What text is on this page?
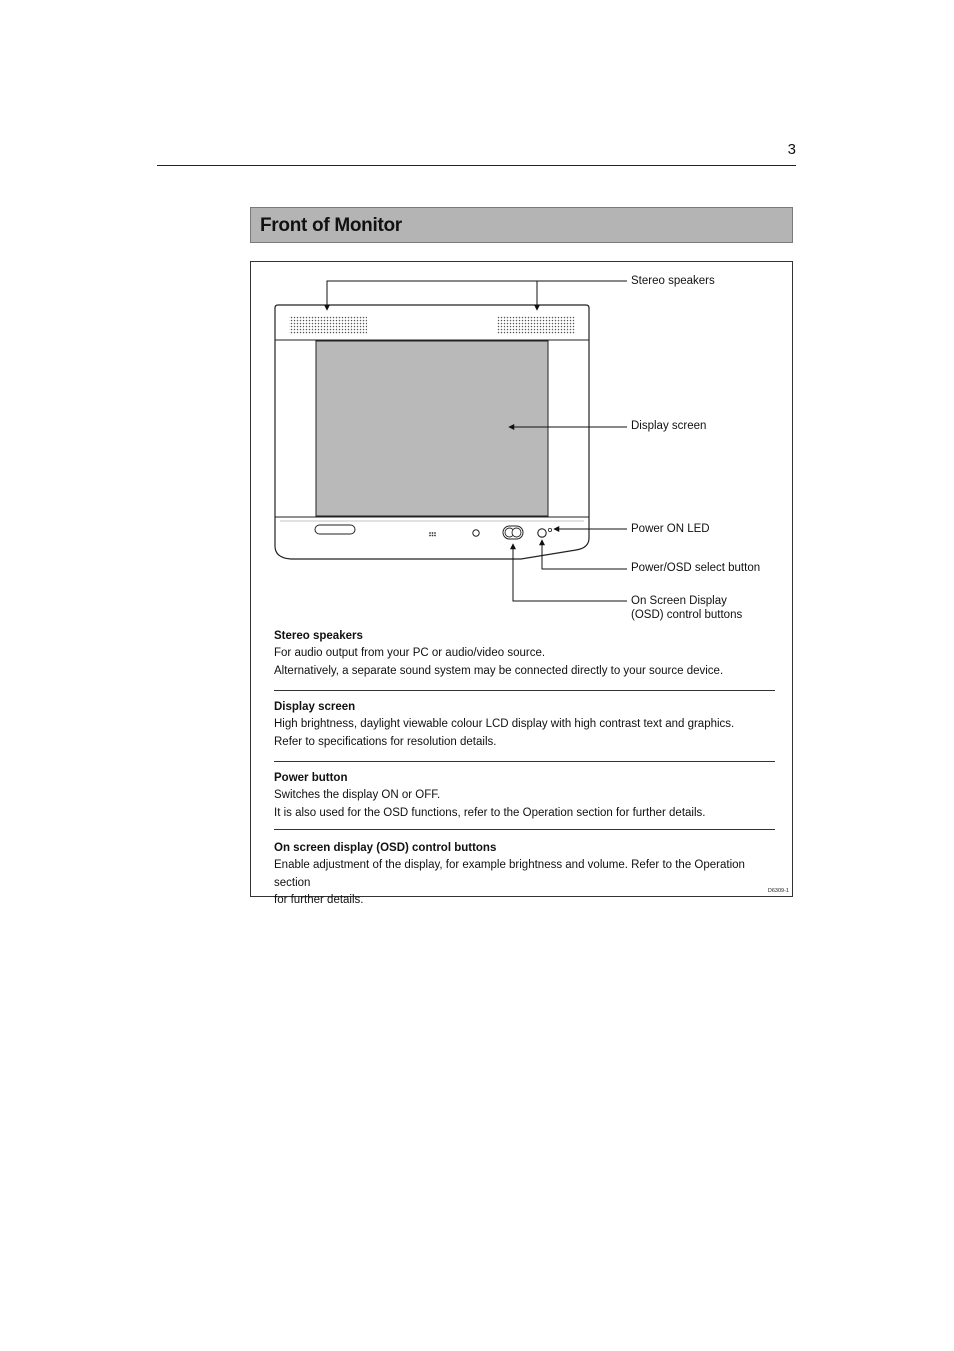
3
Front of Monitor
Stereo speakers
Display screen
Power ON LED
Power/OSD select button
On Screen Display
(OSD) control buttons
Stereo speakers
For audio output from your PC or audio/video source.
Alternatively, a separate sound system may be connected directly to your source device.
Display screen
High brightness, daylight viewable colour LCD display with high contrast text and graphics.
Refer to specifications for resolution details.
Power button
Switches the display ON or OFF.
It is also used for the OSD functions, refer to the Operation section for further details.
On screen display (OSD) control buttons
Enable adjustment of the display, for example brightness and volume. Refer to the Operation section
for further details.
D6309-1
